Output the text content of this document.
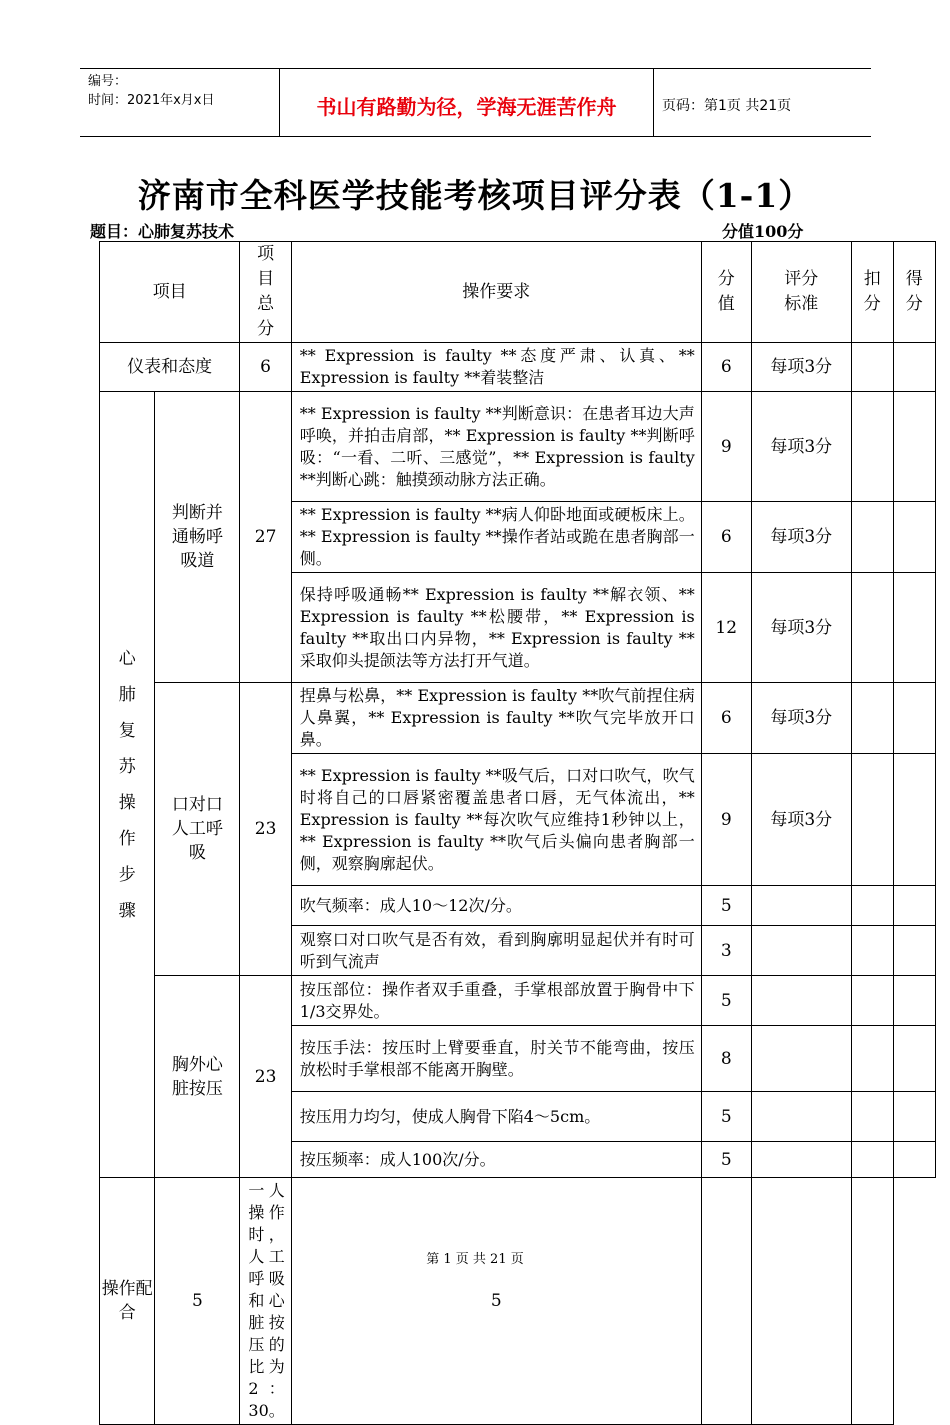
编号：
时间：2021年x月x日	书山有路勤为径，学海无涯苦作舟	页码：第1页 共21页
济南市全科医学技能考核项目评分表（1-1）
题目：心肺复苏技术	分值100分
项目		项目总分	操作要求	分值	评分标准	扣分	得分

仪表和态度		6	** Expression is faulty **态度严肃、认真、** Expression is faulty **着装整洁	6	每项3分		

心肺复苏操作步骤	判断并通畅呼吸道	27	** Expression is faulty **判断意识：在患者耳边大声呼唤，并拍击肩部，** Expression is faulty **判断呼吸：“一看、二听、三感觉”，** Expression is faulty **判断心跳：触摸颈动脉方法正确。	9	每项3分		
			** Expression is faulty **病人仰卧地面或硬板床上。** Expression is faulty **操作者站或跪在患者胸部一侧。	6	每项3分		
			保持呼吸通畅** Expression is faulty **解衣领、** Expression is faulty **松腰带，** Expression is faulty **取出口内异物，** Expression is faulty **采取仰头提颌法等方法打开气道。	12	每项3分		

	口对口人工呼吸	23	捏鼻与松鼻，** Expression is faulty **吹气前捏住病人鼻翼，** Expression is faulty **吹气完毕放开口鼻。	6	每项3分		
			** Expression is faulty **吸气后，口对口吹气，吹气时将自己的口唇紧密覆盖患者口唇，无气体流出，** Expression is faulty **每次吹气应维持1秒钟以上，** Expression is faulty **吹气后头偏向患者胸部一侧，观察胸廓起伏。	9	每项3分		
			吹气频率：成人10～12次/分。	5			
			观察口对口吹气是否有效，看到胸廓明显起伏并有时可听到气流声	3			

	胸外心脏按压	23	按压部位：操作者双手重叠，手掌根部放置于胸骨中下1/3交界处。	5			
			按压手法：按压时上臂要垂直，肘关节不能弯曲，按压放松时手掌根部不能离开胸壁。	8			
			按压用力均匀，使成人胸骨下陷4～5cm。	5			
			按压频率：成人100次/分。	5			

操作配合	5	一人操作时，人工呼吸和心脏按压的比为2：30。	5				
第 1 页 共 21 页
